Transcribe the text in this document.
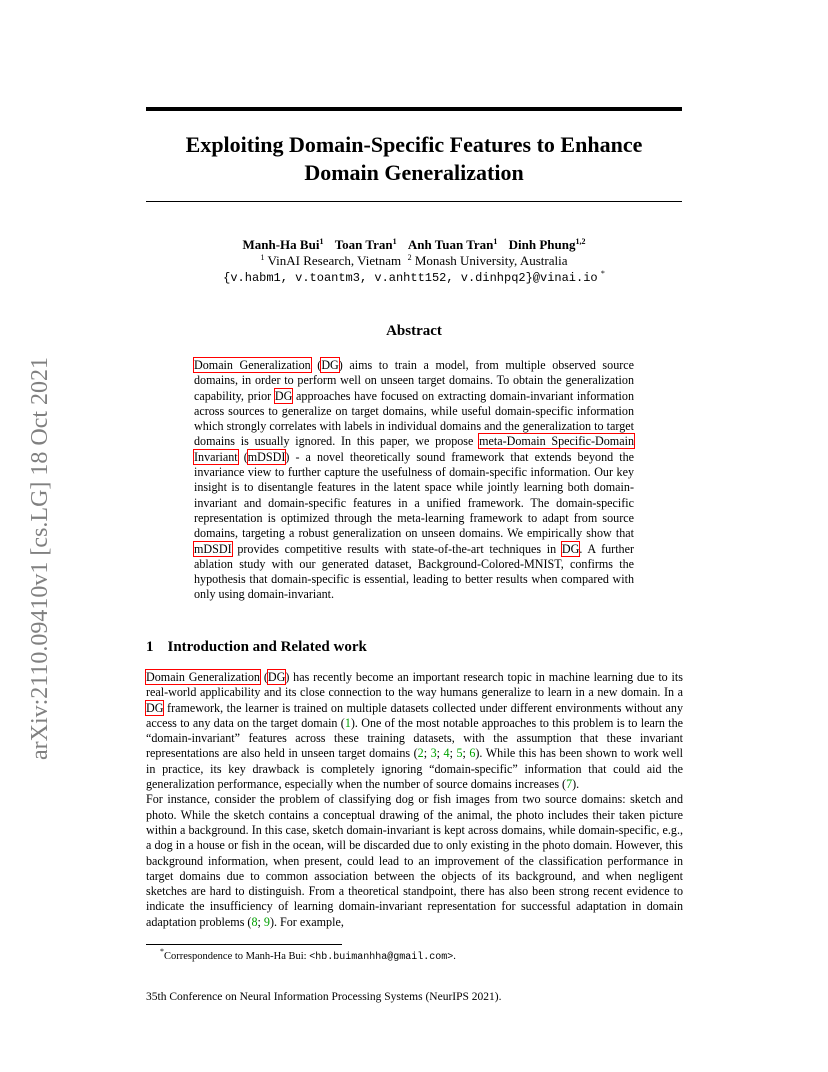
arXiv:2110.09410v1 [cs.LG] 18 Oct 2021
Exploiting Domain-Specific Features to Enhance
Domain Generalization
Manh-Ha Bui$^1$ Toan Tran$^1$ Anh Tuan Tran$^1$ Dinh Phung$^{1,2}$
$^1$ VinAI Research, Vietnam $^2$ Monash University, Australia
{v.habm1, v.toantm3, v.anhtt152, v.dinhpq2}@vinai.io *
Abstract
Domain Generalization (DG) aims to train a model, from multiple observed source domains, in order to perform well on unseen target domains. To obtain the generalization capability, prior DG approaches have focused on extracting domain-invariant information across sources to generalize on target domains, while useful domain-specific information which strongly correlates with labels in individual domains and the generalization to target domains is usually ignored. In this paper, we propose meta-Domain Specific-Domain Invariant (mDSDI) - a novel theoretically sound framework that extends beyond the invariance view to further capture the usefulness of domain-specific information. Our key insight is to disentangle features in the latent space while jointly learning both domain-invariant and domain-specific features in a unified framework. The domain-specific representation is optimized through the meta-learning framework to adapt from source domains, targeting a robust generalization on unseen domains. We empirically show that mDSDI provides competitive results with state-of-the-art techniques in DG. A further ablation study with our generated dataset, Background-Colored-MNIST, confirms the hypothesis that domain-specific is essential, leading to better results when compared with only using domain-invariant.
1 Introduction and Related work

Domain Generalization (DG) has recently become an important research topic in machine learning due to its real-world applicability and its close connection to the way humans generalize to learn in a new domain. In a DG framework, the learner is trained on multiple datasets collected under different environments without any access to any data on the target domain (1). One of the most notable approaches to this problem is to learn the “domain-invariant” features across these training datasets, with the assumption that these invariant representations are also held in unseen target domains (2; 3; 4; 5; 6). While this has been shown to work well in practice, its key drawback is completely ignoring “domain-specific” information that could aid the generalization performance, especially when the number of source domains increases (7).

For instance, consider the problem of classifying dog or fish images from two source domains: sketch and photo. While the sketch contains a conceptual drawing of the animal, the photo includes their taken picture within a background. In this case, sketch domain-invariant is kept across domains, while domain-specific, e.g., a dog in a house or fish in the ocean, will be discarded due to only existing in the photo domain. However, this background information, when present, could lead to an improvement of the classification performance in target domains due to common association between the objects of its background, and when negligent sketches are hard to distinguish. From a theoretical standpoint, there has also been strong recent evidence to indicate the insufficiency of learning domain-invariant representation for successful adaptation in domain adaptation problems (8; 9). For example,

*Correspondence to Manh-Ha Bui: <hb.buimanhha@gmail.com>.
35th Conference on Neural Information Processing Systems (NeurIPS 2021).
